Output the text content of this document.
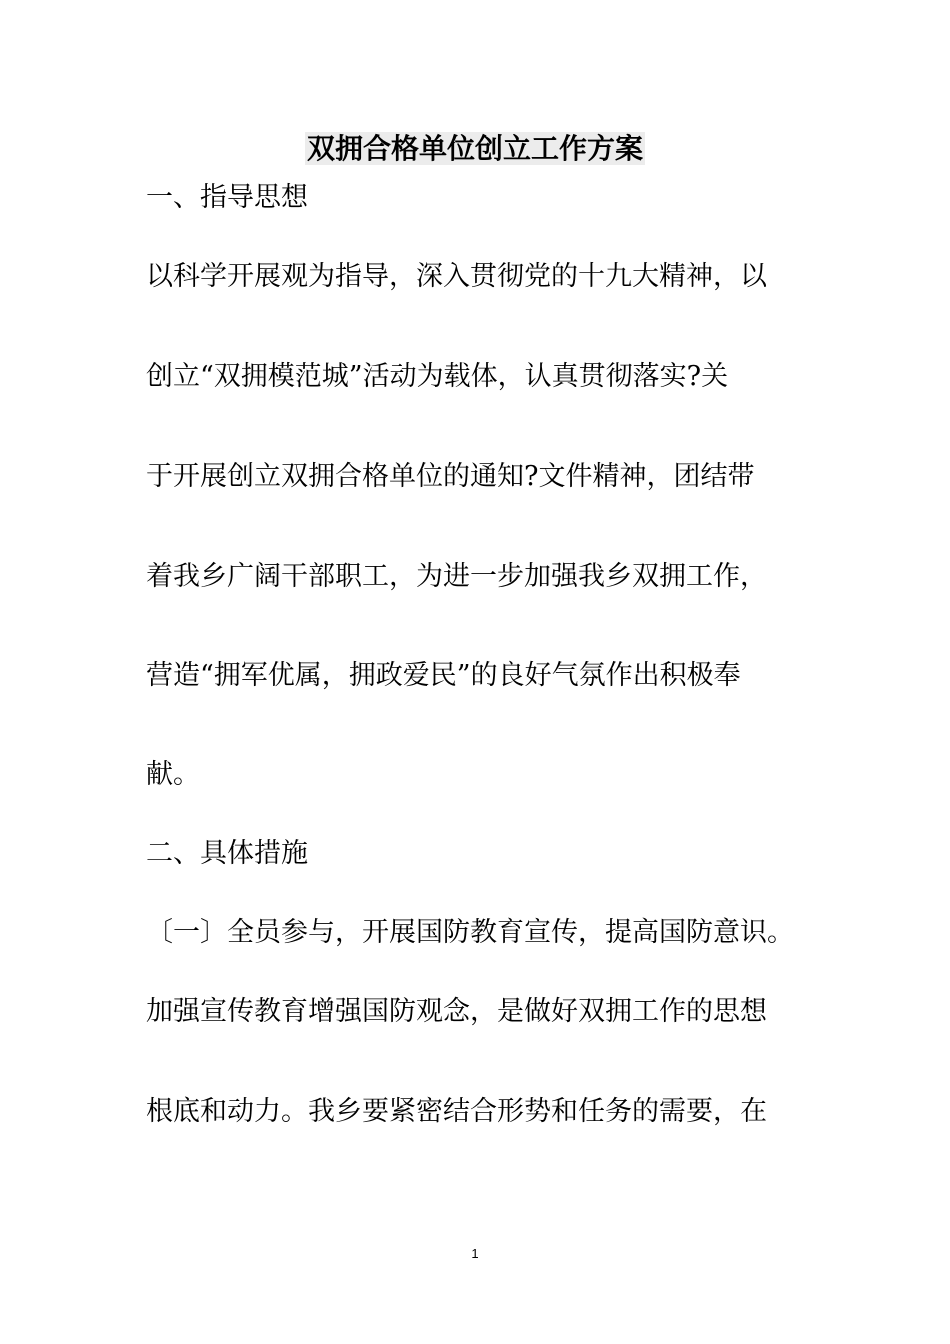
双拥合格单位创立工作方案

一、指导思想

以科学开展观为指导，深入贯彻党的十九大精神，以

创立“双拥模范城”活动为载体，认真贯彻落实?关

于开展创立双拥合格单位的通知?文件精神，团结带

着我乡广阔干部职工，为进一步加强我乡双拥工作，

营造“拥军优属，拥政爱民”的良好气氛作出积极奉

献。

二、具体措施

〔一〕全员参与，开展国防教育宣传，提高国防意识。

加强宣传教育增强国防观念，是做好双拥工作的思想

根底和动力。我乡要紧密结合形势和任务的需要，在

1
